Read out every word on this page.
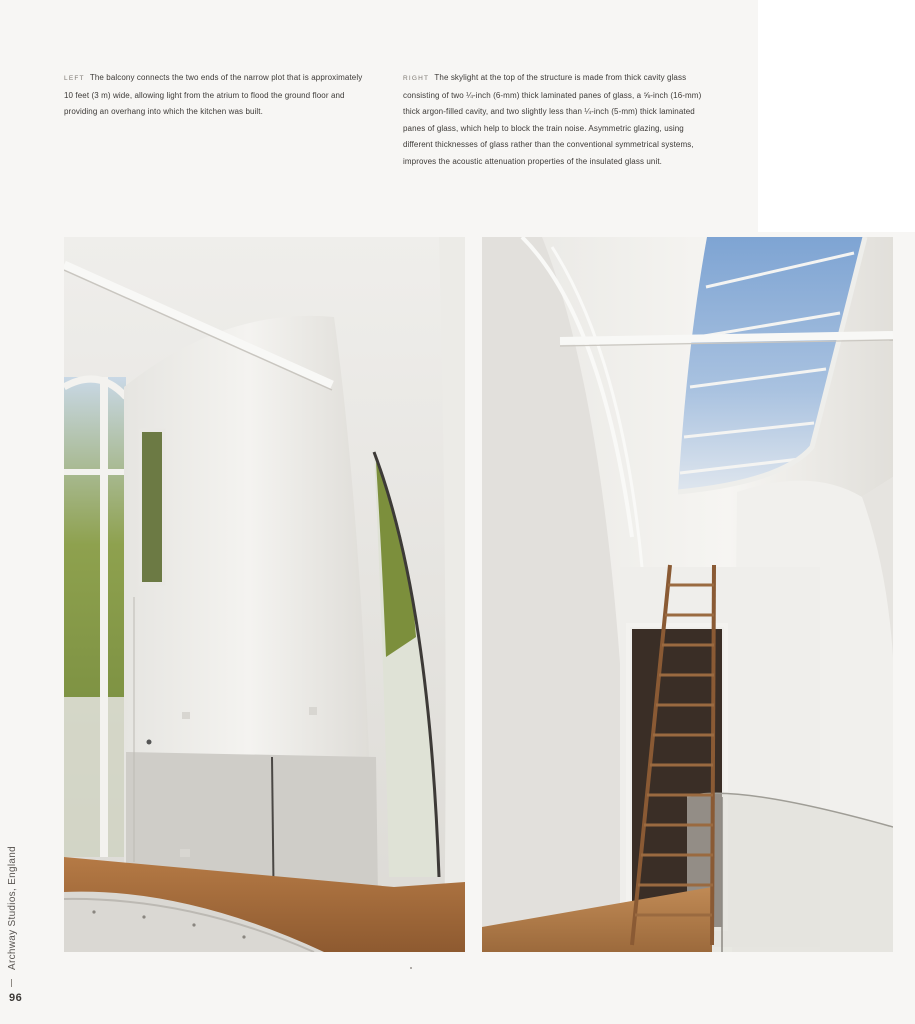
LEFT The balcony connects the two ends of the narrow plot that is approximately 10 feet (3 m) wide, allowing light from the atrium to flood the ground floor and providing an overhang into which the kitchen was built.
RIGHT The skylight at the top of the structure is made from thick cavity glass consisting of two ¼-inch (6-mm) thick laminated panes of glass, a ⅝-inch (16-mm) thick argon-filled cavity, and two slightly less than ¼-inch (5-mm) thick laminated panes of glass, which help to block the train noise. Asymmetric glazing, using different thicknesses of glass rather than the conventional symmetrical systems, improves the acoustic attenuation properties of the insulated glass unit.
Archway Studios, England
96
